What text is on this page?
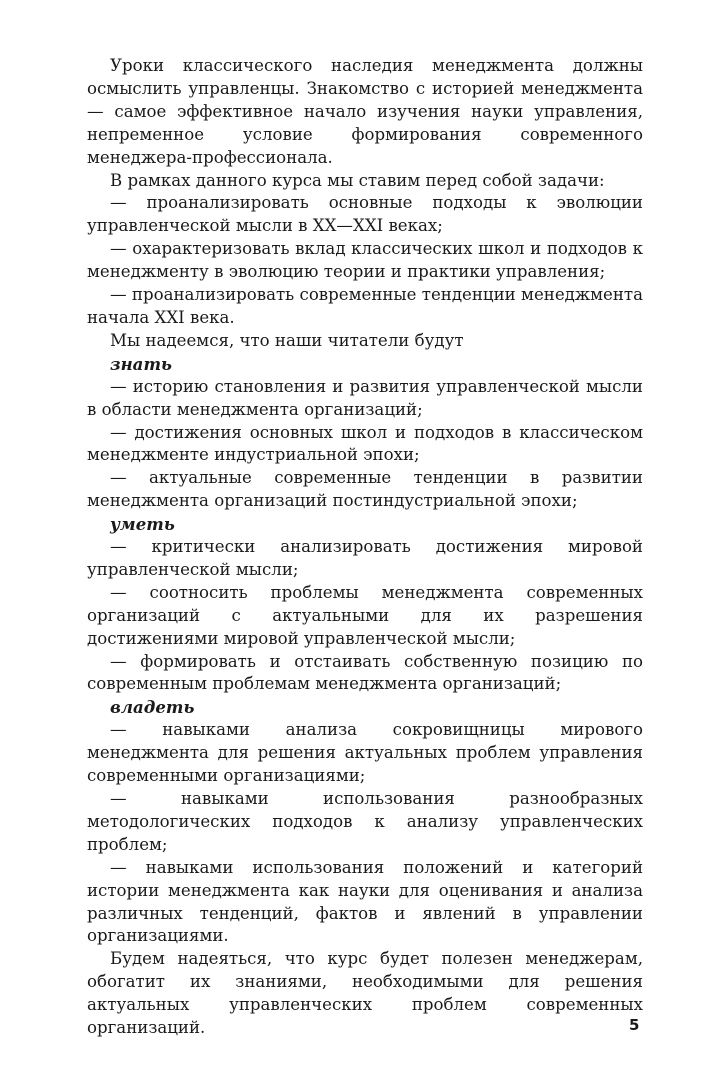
Уроки классического наследия менеджмента должны осмыслить управленцы. Знакомство с историей менеджмента — самое эффективное начало изучения науки управления, непременное условие формирования современного менеджера-профессионала.

В рамках данного курса мы ставим перед собой задачи:

— проанализировать основные подходы к эволюции управленческой мысли в XX—XXI веках;

— охарактеризовать вклад классических школ и подходов к менеджменту в эволюцию теории и практики управления;

— проанализировать современные тенденции менеджмента начала XXI века.

Мы надеемся, что наши читатели будут

знать

— историю становления и развития управленческой мысли в области менеджмента организаций;

— достижения основных школ и подходов в классическом менеджменте индустриальной эпохи;

— актуальные современные тенденции в развитии менеджмента организаций постиндустриальной эпохи;

уметь

— критически анализировать достижения мировой управленческой мысли;

— соотносить проблемы менеджмента современных организаций с актуальными для их разрешения достижениями мировой управленческой мысли;

— формировать и отстаивать собственную позицию по современным проблемам менеджмента организаций;

владеть

— навыками анализа сокровищницы мирового менеджмента для решения актуальных проблем управления современными организациями;

— навыками использования разнообразных методологических подходов к анализу управленческих проблем;

— навыками использования положений и категорий истории менеджмента как науки для оценивания и анализа различных тенденций, фактов и явлений в управлении организациями.

Будем надеяться, что курс будет полезен менеджерам, обогатит их знаниями, необходимыми для решения актуальных управленческих проблем современных организаций.	5
